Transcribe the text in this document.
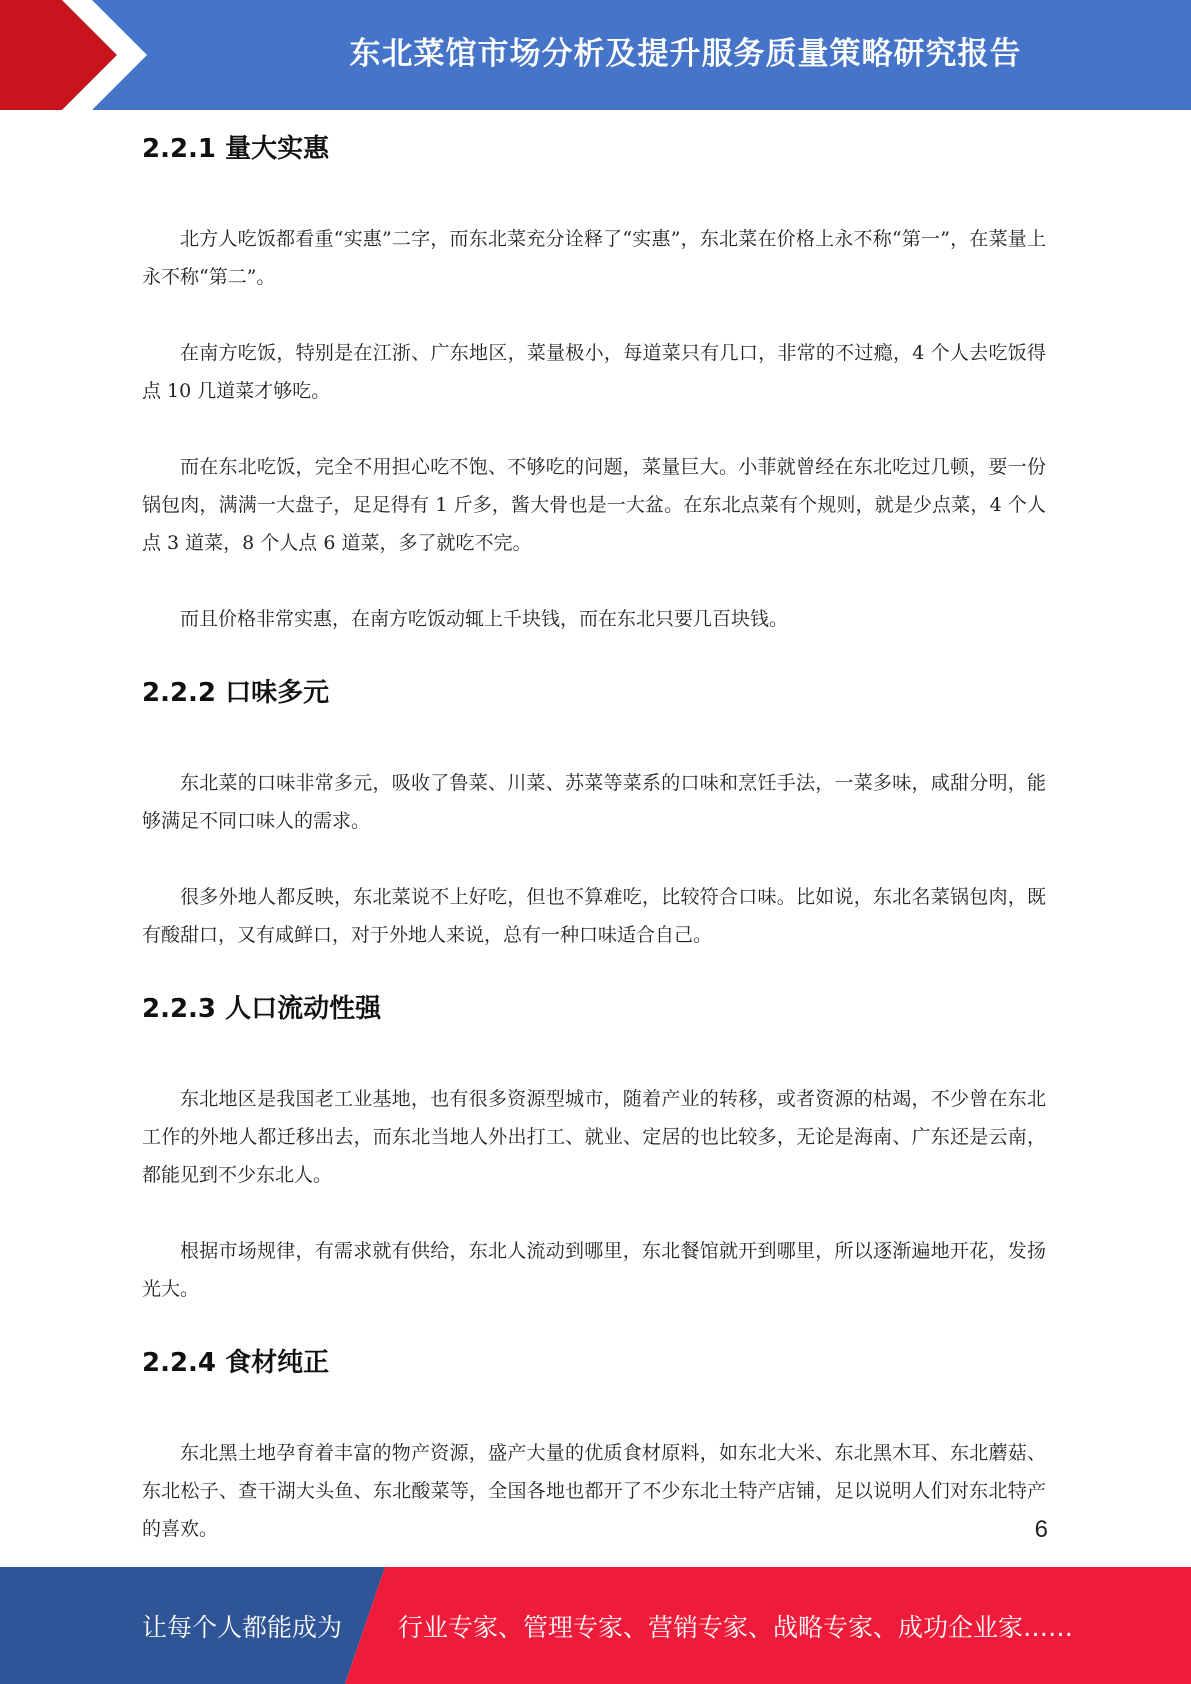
东北菜馆市场分析及提升服务质量策略研究报告
2.2.1 量大实惠

北方人吃饭都看重“实惠”二字，而东北菜充分诠释了“实惠”，东北菜在价格上永不称“第一”，在菜量上永不称“第二”。

在南方吃饭，特别是在江浙、广东地区，菜量极小，每道菜只有几口，非常的不过瘾，4 个人去吃饭得点 10 几道菜才够吃。

而在东北吃饭，完全不用担心吃不饱、不够吃的问题，菜量巨大。小菲就曾经在东北吃过几顿，要一份锅包肉，满满一大盘子，足足得有 1 斤多，酱大骨也是一大盆。在东北点菜有个规则，就是少点菜，4 个人点 3 道菜，8 个人点 6 道菜，多了就吃不完。

而且价格非常实惠，在南方吃饭动辄上千块钱，而在东北只要几百块钱。

2.2.2 口味多元

东北菜的口味非常多元，吸收了鲁菜、川菜、苏菜等菜系的口味和烹饪手法，一菜多味，咸甜分明，能够满足不同口味人的需求。

很多外地人都反映，东北菜说不上好吃，但也不算难吃，比较符合口味。比如说，东北名菜锅包肉，既有酸甜口，又有咸鲜口，对于外地人来说，总有一种口味适合自己。

2.2.3 人口流动性强

东北地区是我国老工业基地，也有很多资源型城市，随着产业的转移，或者资源的枯竭，不少曾在东北工作的外地人都迁移出去，而东北当地人外出打工、就业、定居的也比较多，无论是海南、广东还是云南，都能见到不少东北人。

根据市场规律，有需求就有供给，东北人流动到哪里，东北餐馆就开到哪里，所以逐渐遍地开花，发扬光大。

2.2.4 食材纯正

东北黑土地孕育着丰富的物产资源，盛产大量的优质食材原料，如东北大米、东北黑木耳、东北蘑菇、东北松子、查干湖大头鱼、东北酸菜等，全国各地也都开了不少东北土特产店铺，足以说明人们对东北特产的喜欢。	6
让每个人都能成为 行业专家、管理专家、营销专家、战略专家、成功企业家……
